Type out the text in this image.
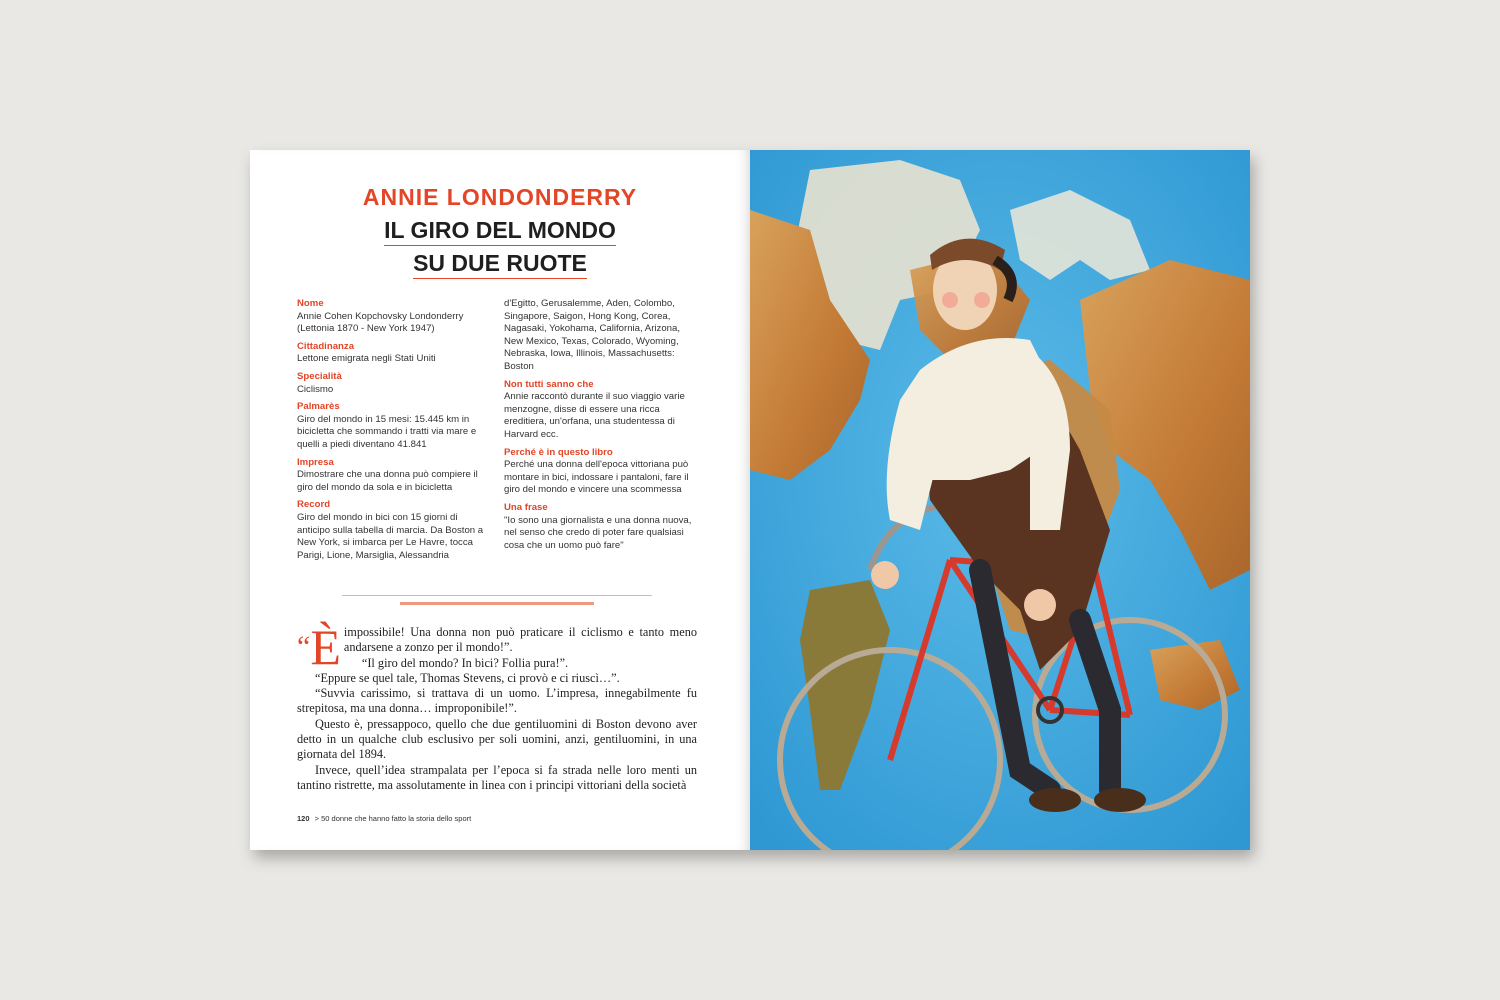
ANNIE LONDONDERRY
IL GIRO DEL MONDO
SU DUE RUOTE
Nome
Annie Cohen Kopchovsky Londonderry (Lettonia 1870 - New York 1947)
Cittadinanza
Lettone emigrata negli Stati Uniti
Specialità
Ciclismo
Palmarès
Giro del mondo in 15 mesi: 15.445 km in bicicletta che sommando i tratti via mare e quelli a piedi diventano 41.841
Impresa
Dimostrare che una donna può compiere il giro del mondo da sola e in bicicletta
Record
Giro del mondo in bici con 15 giorni di anticipo sulla tabella di marcia. Da Boston a New York, si imbarca per Le Havre, tocca Parigi, Lione, Marsiglia, Alessandria
d'Egitto, Gerusalemme, Aden, Colombo, Singapore, Saigon, Hong Kong, Corea, Nagasaki, Yokohama, California, Arizona, New Mexico, Texas, Colorado, Wyoming, Nebraska, Iowa, Illinois, Massachusetts: Boston
Non tutti sanno che
Annie raccontò durante il suo viaggio varie menzogne, disse di essere una ricca ereditiera, un'orfana, una studentessa di Harvard ecc.
Perché è in questo libro
Perché una donna dell'epoca vittoriana può montare in bici, indossare i pantaloni, fare il giro del mondo e vincere una scommessa
Una frase
"Io sono una giornalista e una donna nuova, nel senso che credo di poter fare qualsiasi cosa che un uomo può fare"

“È impossibile! Una donna non può praticare il ciclismo e tanto meno andarsene a zonzo per il mondo!”.

“Il giro del mondo? In bici? Follia pura!”.

“Eppure se quel tale, Thomas Stevens, ci provò e ci riuscì…”.

“Suvvia carissimo, si trattava di un uomo. L’impresa, innegabilmente fu strepitosa, ma una donna… improponibile!”.

Questo è, pressappoco, quello che due gentiluomini di Boston devono aver detto in un qualche club esclusivo per soli uomini, anzi, gentiluomini, in una giornata del 1894.

Invece, quell’idea strampalata per l’epoca si fa strada nelle loro menti un tantino ristrette, ma assolutamente in linea con i principi vittoriani della società

120 > 50 donne che hanno fatto la storia dello sport
